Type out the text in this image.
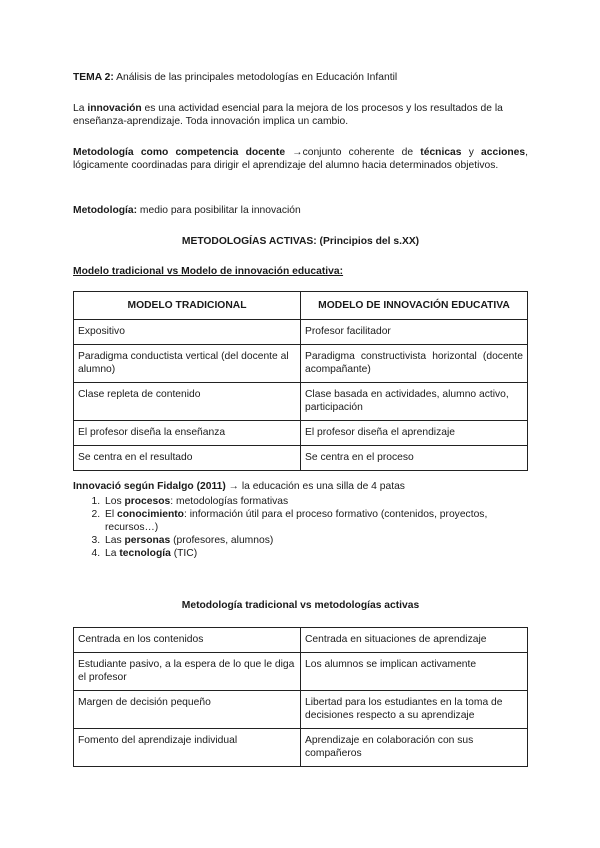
TEMA 2: Análisis de las principales metodologías en Educación Infantil
La innovación es una actividad esencial para la mejora de los procesos y los resultados de la enseñanza-aprendizaje. Toda innovación implica un cambio.
Metodología como competencia docente →conjunto coherente de técnicas y acciones, lógicamente coordinadas para dirigir el aprendizaje del alumno hacia determinados objetivos.
Metodología: medio para posibilitar la innovación
METODOLOGÍAS ACTIVAS: (Principios del s.XX)
Modelo tradicional vs Modelo de innovación educativa:
MODELO TRADICIONAL	MODELO DE INNOVACIÓN EDUCATIVA
Expositivo	Profesor facilitador
Paradigma conductista vertical (del docente al alumno)	Paradigma constructivista horizontal (docente acompañante)
Clase repleta de contenido	Clase basada en actividades, alumno activo, participación
El profesor diseña la enseñanza	El profesor diseña el aprendizaje
Se centra en el resultado	Se centra en el proceso
Innovació según Fidalgo (2011) → la educación es una silla de 4 patas
1. Los procesos: metodologías formativas
2. El conocimiento: información útil para el proceso formativo (contenidos, proyectos, recursos…)
3. Las personas (profesores, alumnos)
4. La tecnología (TIC)
Metodología tradicional vs metodologías activas
Centrada en los contenidos	Centrada en situaciones de aprendizaje
Estudiante pasivo, a la espera de lo que le diga el profesor	Los alumnos se implican activamente
Margen de decisión pequeño	Libertad para los estudiantes en la toma de decisiones respecto a su aprendizaje
Fomento del aprendizaje individual	Aprendizaje en colaboración con sus compañeros
